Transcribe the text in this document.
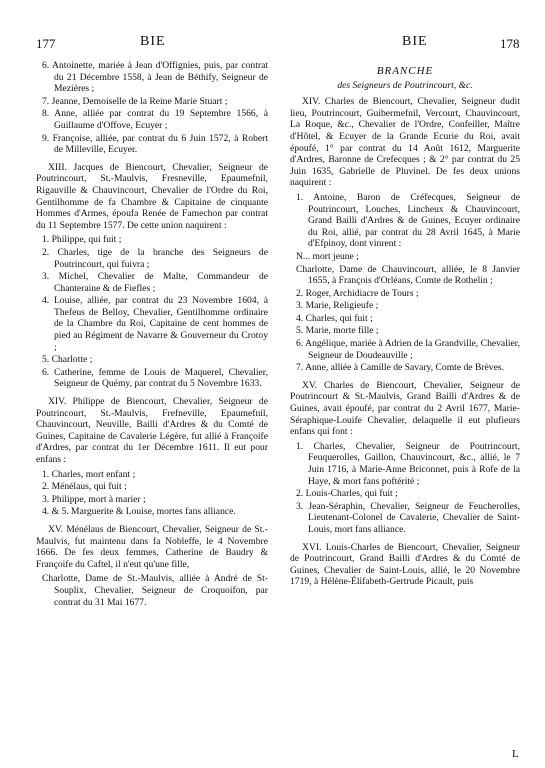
177	BIE	BIE	178
6. Antoinette, mariée à Jean d'Offignies, puis, par contrat du 21 Décembre 1558, à Jean de Béthify, Seigneur de Mezières ;
7. Jeanne, Demoiselle de la Reine Marie Stuart ;
8. Anne, alliée par contrat du 19 Septembre 1566, à Guillaume d'Offove, Ecuyer ;
9. Françoise, alliée, par contrat du 6 Juin 1572, à Robert de Milleville, Ecuyer.
XIII. Jacques de Biencourt, Chevalier, Seigneur de Poutrincourt, St.-Maulvis, Fresneville, Epaumefnil, Rigauville & Chauvincourt, Chevalier de l'Ordre du Roi, Gentilhomme de fa Chambre & Capitaine de cinquante Hommes d'Armes, époufa Renée de Famechon par contrat du 11 Septembre 1577. De cette union naquirent :
1. Philippe, qui fuit ;
2. Charles, tige de la branche des Seigneurs de Poutrincourt, qui fuivra ;
3. Michel, Chevalier de Malte, Commandeur de Chanteraine & de Fiefles ;
4. Louise, alliée, par contrat du 23 Novembre 1604, à Thefeus de Belloy, Chevalier, Gentilhomme ordinaire de la Chambre du Roi, Capitaine de cent hommes de pied au Régiment de Navarre & Gouverneur du Crotoy ;
5. Charlotte ;
6. Catherine, femme de Louis de Maquerel, Chevalier, Seigneur de Quémy, par contrat du 5 Novembre 1633.
XIV. Philippe de Biencourt, Chevalier, Seigneur de Poutrincourt, St.-Maulvis, Frefneville, Epaumefnil, Chauvincourt, Neuville, Bailli d'Ardres & du Comté de Guines, Capitaine de Cavalerie Légère, fut allié à Françoife d'Ardres, par contrat du 1er Décembre 1611. Il eut pour enfans :
1. Charles, mort enfant ;
2. Ménélaus, qui fuit ;
3. Philippe, mort à marier ;
4. & 5. Marguerite & Louise, mortes fans alliance.
XV. Ménélaus de Biencourt, Chevalier, Seigneur de St.-Maulvis, fut maintenu dans fa Nobleffe, le 4 Novembre 1666. De fes deux femmes, Catherine de Baudry & Françoife du Caftel, il n'eut qu'une fille,
Charlotte, Dame de St.-Maulvis, alliée à André de St-Souplix, Chevalier, Seigneur de Croquoifon, par contrat du 31 Mai 1677.
BRANCHE
des Seigneurs de Poutrincourt, &c.
XIV. Charles de Biencourt, Chevalier, Seigneur dudit lieu, Poutrincourt, Guibermefnil, Vercourt, Chauvincourt, La Roque, &c., Chevalier de l'Ordre, Confeiller, Maître d'Hôtel, & Ecuyer de la Grande Ecurie du Roi, avait époufé, 1° par contrat du 14 Août 1612, Marguerite d'Ardres, Baronne de Crefecques ; & 2° par contrat du 25 Juin 1635, Gabrielle de Pluvinel. De fes deux unions naquirent :
1. Antoine, Baron de Créfecques, Seigneur de Poutrincourt, Louches, Lincheux & Chauvincourt, Grand Bailli d'Ardres & de Guines, Ecuyer ordinaire du Roi, allié, par contrat du 28 Avril 1645, à Marie d'Efpinoy, dont vinrent :
N... mort jeune ;
Charlotte, Dame de Chauvincourt, alliée, le 8 Janvier 1655, à François d'Orléans, Comte de Rothelin ;
2. Roger, Archidiacre de Tours ;
3. Marie, Religieufe ;
4. Charles, qui fuit ;
5. Marie, morte fille ;
6. Angélique, mariée à Adrien de la Grandville, Chevalier, Seigneur de Doudeauville ;
7. Anne, alliée à Camille de Savary, Comte de Brèves.
XV. Charles de Biencourt, Chevalier, Seigneur de Poutrincourt & St.-Maulvis, Grand Bailli d'Ardres & de Guines, avait époufé, par contrat du 2 Avril 1677, Marie-Séraphique-Louife Chevalier, delaquelle il eut plufieurs enfans qui font :
1. Charles, Chevalier, Seigneur de Poutrincourt, Feuquerolles, Gaillon, Chauvincourt, &c., allié, le 7 Juin 1716, à Marie-Anne Briconnet, puis à Rofe de la Haye, & mort fans poftérité ;
2. Louis-Charles, qui fuit ;
3. Jean-Séraphin, Chevalier, Seigneur de Feucherolles, Lieutenant-Colonel de Cavalerie, Chevalier de Saint-Louis, mort fans alliance.
XVI. Louis-Charles de Biencourt, Chevalier, Seigneur de Poutrincourt, Grand Bailli d'Ardres & du Comté de Guines, Chevalier de Saint-Louis, allié, le 20 Novembre 1719, à Hélène-Élifabeth-Gertrude Picault, puis
L
